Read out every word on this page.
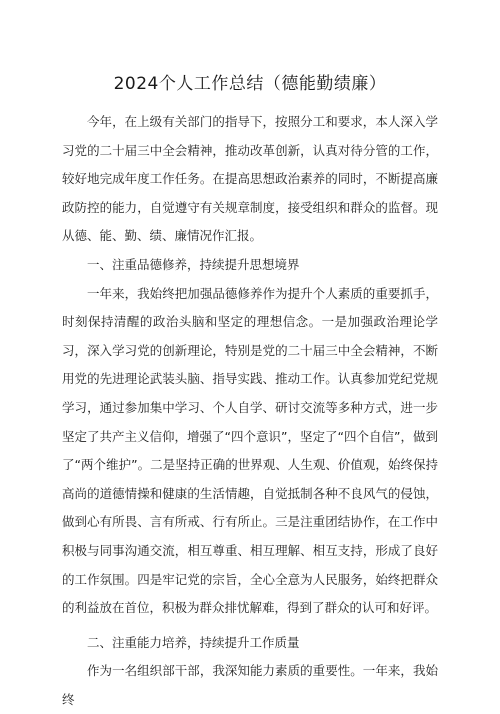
2024个人工作总结（德能勤绩廉）

今年，在上级有关部门的指导下，按照分工和要求，本人深入学习党的二十届三中全会精神，推动改革创新，认真对待分管的工作，较好地完成年度工作任务。在提高思想政治素养的同时，不断提高廉政防控的能力，自觉遵守有关规章制度，接受组织和群众的监督。现从德、能、勤、绩、廉情况作汇报。

一、注重品德修养，持续提升思想境界

一年来，我始终把加强品德修养作为提升个人素质的重要抓手，时刻保持清醒的政治头脑和坚定的理想信念。一是加强政治理论学习，深入学习党的创新理论，特别是党的二十届三中全会精神，不断用党的先进理论武装头脑、指导实践、推动工作。认真参加党纪党规学习，通过参加集中学习、个人自学、研讨交流等多种方式，进一步坚定了共产主义信仰，增强了“四个意识”，坚定了“四个自信”，做到了“两个维护”。二是坚持正确的世界观、人生观、价值观，始终保持高尚的道德情操和健康的生活情趣，自觉抵制各种不良风气的侵蚀，做到心有所畏、言有所戒、行有所止。三是注重团结协作，在工作中积极与同事沟通交流，相互尊重、相互理解、相互支持，形成了良好的工作氛围。四是牢记党的宗旨，全心全意为人民服务，始终把群众的利益放在首位，积极为群众排忧解难，得到了群众的认可和好评。

二、注重能力培养，持续提升工作质量

作为一名组织部干部，我深知能力素质的重要性。一年来，我始终
